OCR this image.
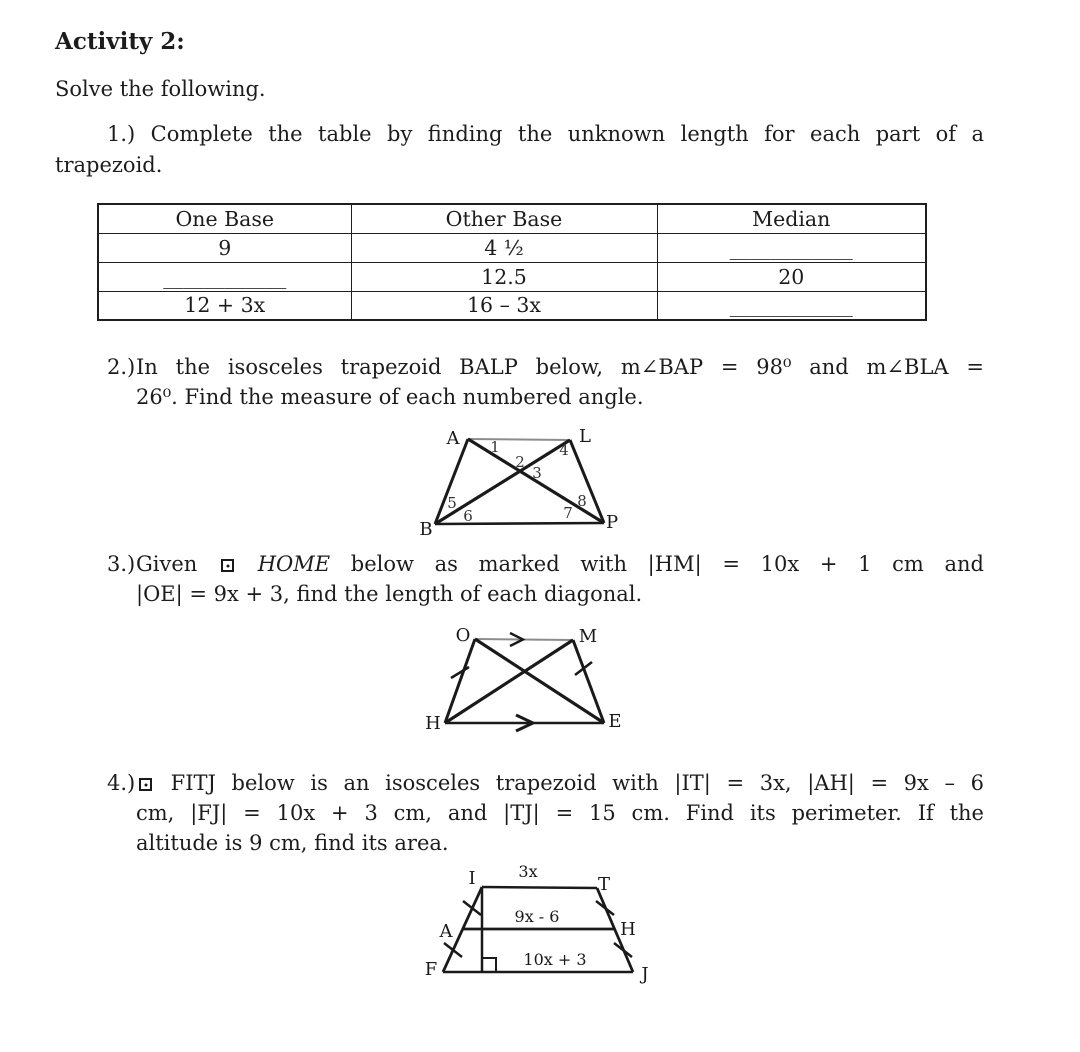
Activity 2:
Solve the following.
1.) Complete the table by finding the unknown length for each part of a
trapezoid.
One Base	Other Base	Median
9	4 ½	____________
____________	12.5	20
12 + 3x	16 – 3x	____________
2.) In the isosceles trapezoid BALP below, m∠BAP = 98⁰ and m∠BLA =
26⁰. Find the measure of each numbered angle.
A	L
B	P
1
2
3
4
5
6	7
8
3.) Given	HOME below as marked with |HM| = 10x + 1 cm and
|OE| = 9x + 3, find the length of each diagonal.
O	M
H	E
4.)	FITJ below is an isosceles trapezoid with |IT| = 3x, |AH| = 9x – 6
cm, |FJ| = 10x + 3 cm, and |TJ| = 15 cm. Find its perimeter. If the
altitude is 9 cm, find its area.
I	T
F	J
A	H
3x
9x - 6
10x + 3
